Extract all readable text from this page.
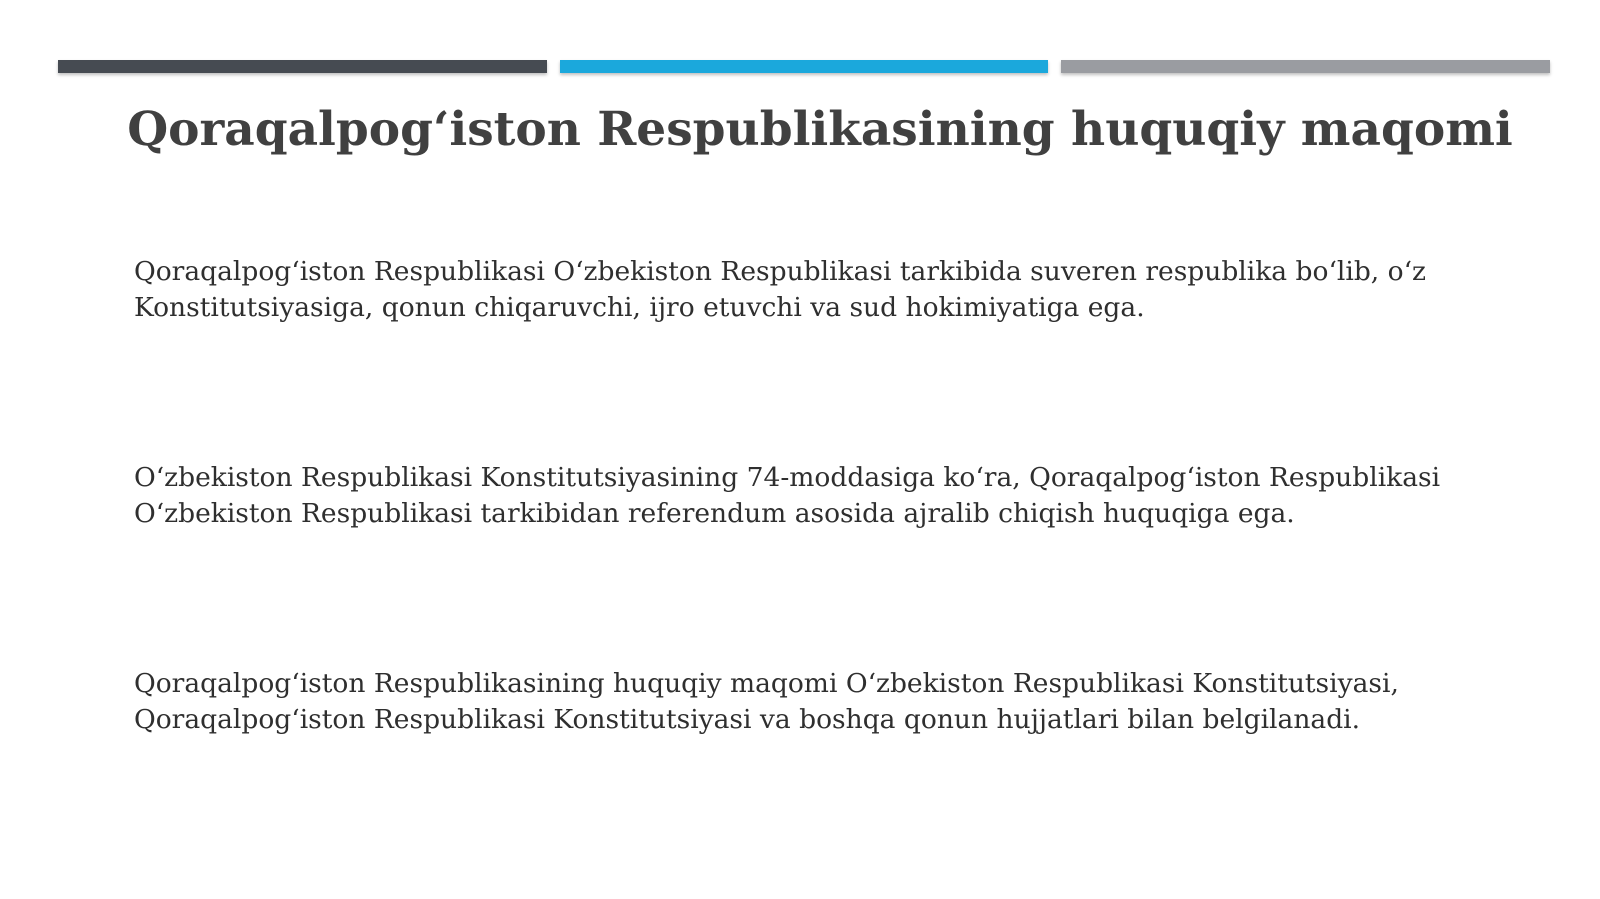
Qoraqalpog‘iston Respublikasining huquqiy maqomi

Qoraqalpog‘iston Respublikasi O‘zbekiston Respublikasi tarkibida suveren respublika bo‘lib, o‘z Konstitutsiyasiga, qonun chiqaruvchi, ijro etuvchi va sud hokimiyatiga ega.

O‘zbekiston Respublikasi Konstitutsiyasining 74-moddasiga ko‘ra, Qoraqalpog‘iston Respublikasi O‘zbekiston Respublikasi tarkibidan referendum asosida ajralib chiqish huquqiga ega.

Qoraqalpog‘iston Respublikasining huquqiy maqomi O‘zbekiston Respublikasi Konstitutsiyasi, Qoraqalpog‘iston Respublikasi Konstitutsiyasi va boshqa qonun hujjatlari bilan belgilanadi.
